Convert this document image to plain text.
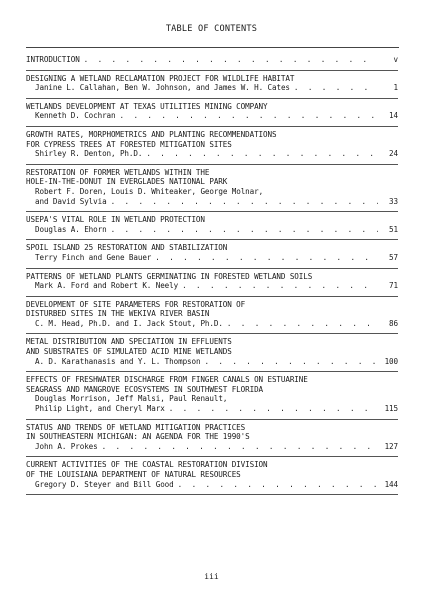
TABLE OF CONTENTS
INTRODUCTION . . .	v
DESIGNING A WETLAND RECLAMATION PROJECT FOR WILDLIFE HABITAT
Janine L. Callahan, Ben W. Johnson, and James W. H. Cates . . .	1
WETLANDS DEVELOPMENT AT TEXAS UTILITIES MINING COMPANY
Kenneth D. Cochran . . .	14
GROWTH RATES, MORPHOMETRICS AND PLANTING RECOMMENDATIONS
FOR CYPRESS TREES AT FORESTED MITIGATION SITES
Shirley R. Denton, Ph.D. . . .	24
RESTORATION OF FORMER WETLANDS WITHIN THE
HOLE-IN-THE-DONUT IN EVERGLADES NATIONAL PARK
Robert F. Doren, Louis D. Whiteaker, George Molnar,
and David Sylvia . . .	33
USEPA'S VITAL ROLE IN WETLAND PROTECTION
Douglas A. Ehorn . . .	51
SPOIL ISLAND 25 RESTORATION AND STABILIZATION
Terry Finch and Gene Bauer . . .	57
PATTERNS OF WETLAND PLANTS GERMINATING IN FORESTED WETLAND SOILS
Mark A. Ford and Robert K. Neely . . .	71
DEVELOPMENT OF SITE PARAMETERS FOR RESTORATION OF
DISTURBED SITES IN THE WEKIVA RIVER BASIN
C. M. Head, Ph.D. and I. Jack Stout, Ph.D. . . .	86
METAL DISTRIBUTION AND SPECIATION IN EFFLUENTS
AND SUBSTRATES OF SIMULATED ACID MINE WETLANDS
A. D. Karathanasis and Y. L. Thompson . . .	100
EFFECTS OF FRESHWATER DISCHARGE FROM FINGER CANALS ON ESTUARINE
SEAGRASS AND MANGROVE ECOSYSTEMS IN SOUTHWEST FLORIDA
Douglas Morrison, Jeff Malsi, Paul Renault,
Philip Light, and Cheryl Marx . . .	115
STATUS AND TRENDS OF WETLAND MITIGATION PRACTICES
IN SOUTHEASTERN MICHIGAN: AN AGENDA FOR THE 1990'S
John A. Prokes . . .	127
CURRENT ACTIVITIES OF THE COASTAL RESTORATION DIVISION
OF THE LOUISIANA DEPARTMENT OF NATURAL RESOURCES
Gregory D. Steyer and Bill Good . . .	144
iii
